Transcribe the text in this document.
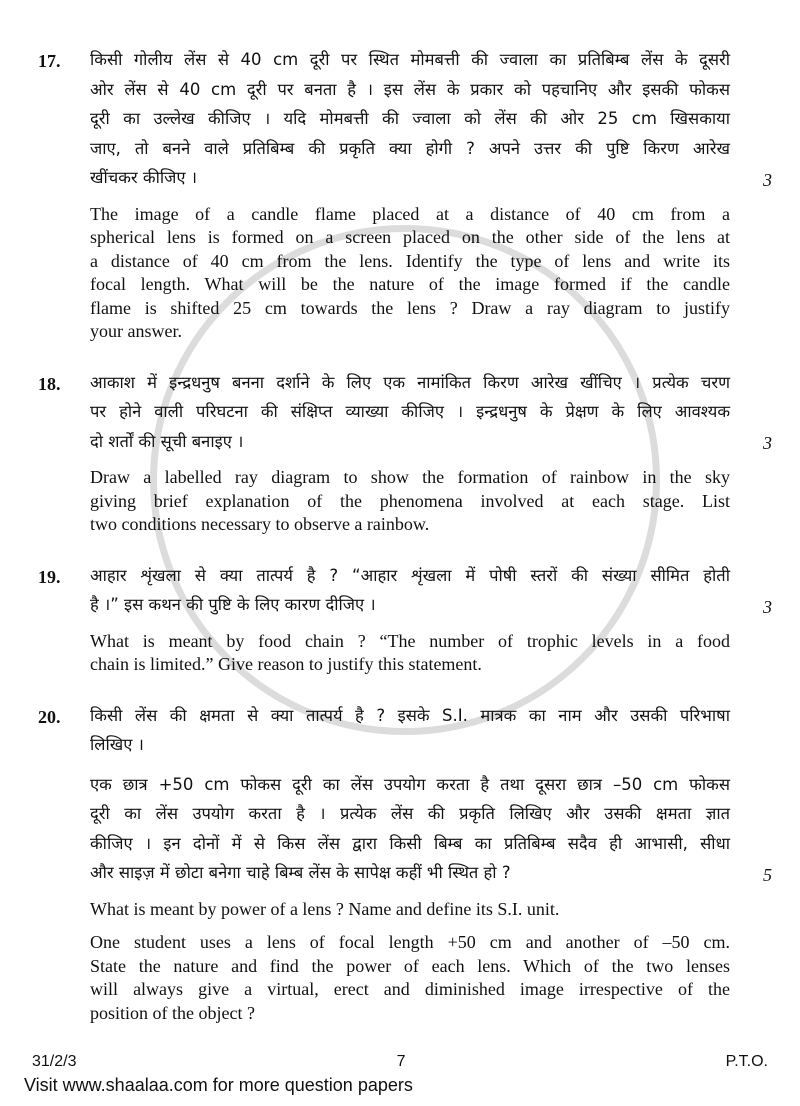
17.	किसी गोलीय लेंस से 40 cm दूरी पर स्थित मोमबत्ती की ज्वाला का प्रतिबिम्ब लेंस के दूसरी
ओर लेंस से 40 cm दूरी पर बनता है । इस लेंस के प्रकार को पहचानिए और इसकी फोकस
दूरी का उल्लेख कीजिए । यदि मोमबत्ती की ज्वाला को लेंस की ओर 25 cm खिसकाया
जाए, तो बनने वाले प्रतिबिम्ब की प्रकृति क्या होगी ? अपने उत्तर की पुष्टि किरण आरेख
खींचकर कीजिए ।	3
The image of a candle flame placed at a distance of 40 cm from a
spherical lens is formed on a screen placed on the other side of the lens at
a distance of 40 cm from the lens. Identify the type of lens and write its
focal length. What will be the nature of the image formed if the candle
flame is shifted 25 cm towards the lens ? Draw a ray diagram to justify
your answer.
18.	आकाश में इन्द्रधनुष बनना दर्शाने के लिए एक नामांकित किरण आरेख खींचिए । प्रत्येक चरण
पर होने वाली परिघटना की संक्षिप्त व्याख्या कीजिए । इन्द्रधनुष के प्रेक्षण के लिए आवश्यक
दो शर्तों की सूची बनाइए ।	3
Draw a labelled ray diagram to show the formation of rainbow in the sky
giving brief explanation of the phenomena involved at each stage. List
two conditions necessary to observe a rainbow.
19.	आहार शृंखला से क्या तात्पर्य है ? “आहार शृंखला में पोषी स्तरों की संख्या सीमित होती
है ।” इस कथन की पुष्टि के लिए कारण दीजिए ।	3
What is meant by food chain ? “The number of trophic levels in a food
chain is limited.” Give reason to justify this statement.
20.	किसी लेंस की क्षमता से क्या तात्पर्य है ? इसके S.I. मात्रक का नाम और उसकी परिभाषा
लिखिए ।
एक छात्र +50 cm फोकस दूरी का लेंस उपयोग करता है तथा दूसरा छात्र –50 cm फोकस
दूरी का लेंस उपयोग करता है । प्रत्येक लेंस की प्रकृति लिखिए और उसकी क्षमता ज्ञात
कीजिए । इन दोनों में से किस लेंस द्वारा किसी बिम्ब का प्रतिबिम्ब सदैव ही आभासी, सीधा
और साइज़ में छोटा बनेगा चाहे बिम्ब लेंस के सापेक्ष कहीं भी स्थित हो ?	5
What is meant by power of a lens ? Name and define its S.I. unit.
One student uses a lens of focal length +50 cm and another of –50 cm.
State the nature and find the power of each lens. Which of the two lenses
will always give a virtual, erect and diminished image irrespective of the
position of the object ?
31/2/3	7	P.T.O.
Visit www.shaalaa.com for more question papers
